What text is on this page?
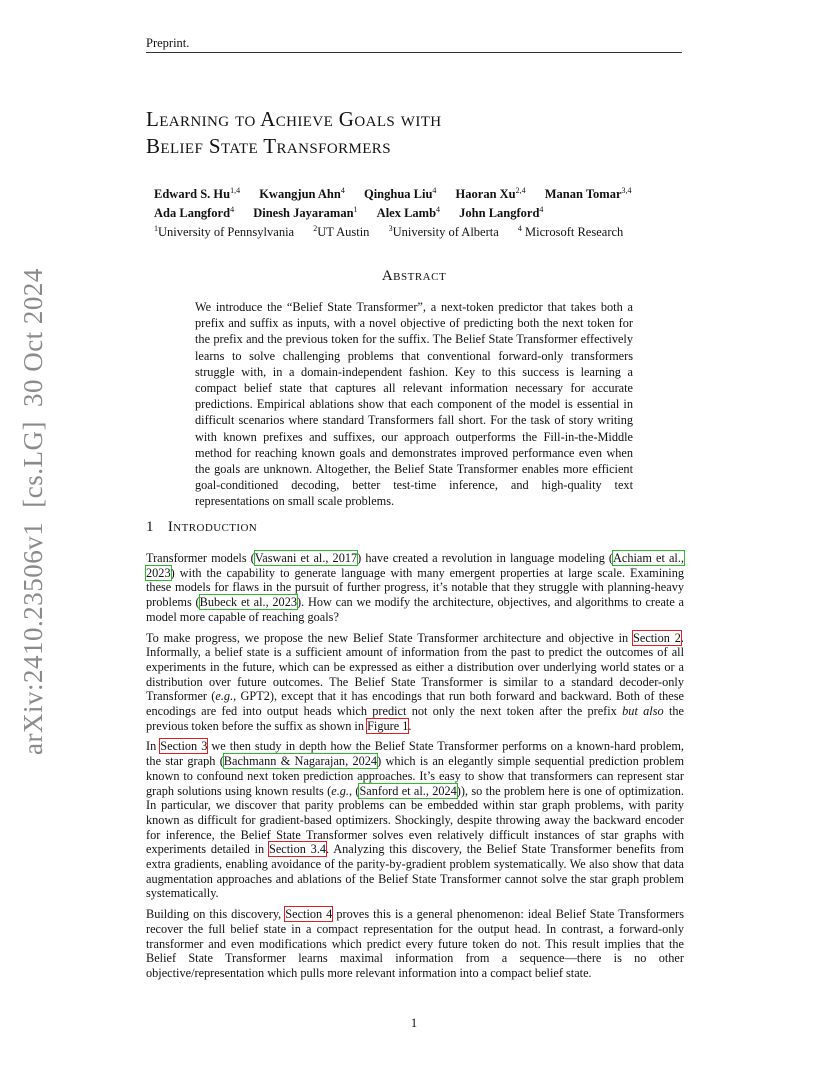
Preprint.
Learning to Achieve Goals with
Belief State Transformers
Edward S. Hu$^{1,4}$ Kwangjun Ahn$^4$ Qinghua Liu$^4$ Haoran Xu$^{2,4}$ Manan Tomar$^{3,4}$
Ada Langford$^4$ Dinesh Jayaraman$^1$ Alex Lamb$^4$ John Langford$^4$
$^1$University of Pennsylvania $^2$UT Austin $^3$University of Alberta $^4$ Microsoft Research
Abstract
We introduce the “Belief State Transformer”, a next-token predictor that takes both a prefix and suffix as inputs, with a novel objective of predicting both the next token for the prefix and the previous token for the suffix. The Belief State Transformer effectively learns to solve challenging problems that conventional forward-only transformers struggle with, in a domain-independent fashion. Key to this success is learning a compact belief state that captures all relevant information necessary for accurate predictions. Empirical ablations show that each component of the model is essential in difficult scenarios where standard Transformers fall short. For the task of story writing with known prefixes and suffixes, our approach outperforms the Fill-in-the-Middle method for reaching known goals and demonstrates improved performance even when the goals are unknown. Altogether, the Belief State Transformer enables more efficient goal-conditioned decoding, better test-time inference, and high-quality text representations on small scale problems.
1 Introduction

Transformer models (Vaswani et al., 2017) have created a revolution in language modeling (Achiam et al., 2023) with the capability to generate language with many emergent properties at large scale. Examining these models for flaws in the pursuit of further progress, it’s notable that they struggle with planning-heavy problems (Bubeck et al., 2023). How can we modify the architecture, objectives, and algorithms to create a model more capable of reaching goals?

To make progress, we propose the new Belief State Transformer architecture and objective in Section 2. Informally, a belief state is a sufficient amount of information from the past to predict the outcomes of all experiments in the future, which can be expressed as either a distribution over underlying world states or a distribution over future outcomes. The Belief State Transformer is similar to a standard decoder-only Transformer (e.g., GPT2), except that it has encodings that run both forward and backward. Both of these encodings are fed into output heads which predict not only the next token after the prefix but also the previous token before the suffix as shown in Figure 1.

In Section 3 we then study in depth how the Belief State Transformer performs on a known-hard problem, the star graph (Bachmann & Nagarajan, 2024) which is an elegantly simple sequential prediction problem known to confound next token prediction approaches. It’s easy to show that transformers can represent star graph solutions using known results (e.g., (Sanford et al., 2024)), so the problem here is one of optimization. In particular, we discover that parity problems can be embedded within star graph problems, with parity known as difficult for gradient-based optimizers. Shockingly, despite throwing away the backward encoder for inference, the Belief State Transformer solves even relatively difficult instances of star graphs with experiments detailed in Section 3.4. Analyzing this discovery, the Belief State Transformer benefits from extra gradients, enabling avoidance of the parity-by-gradient problem systematically. We also show that data augmentation approaches and ablations of the Belief State Transformer cannot solve the star graph problem systematically.

Building on this discovery, Section 4 proves this is a general phenomenon: ideal Belief State Transformers recover the full belief state in a compact representation for the output head. In contrast, a forward-only transformer and even modifications which predict every future token do not. This result implies that the Belief State Transformer learns maximal information from a sequence—there is no other objective/representation which pulls more relevant information into a compact belief state.

arXiv:2410.23506v1[cs.LG]30 Oct 2024
1
